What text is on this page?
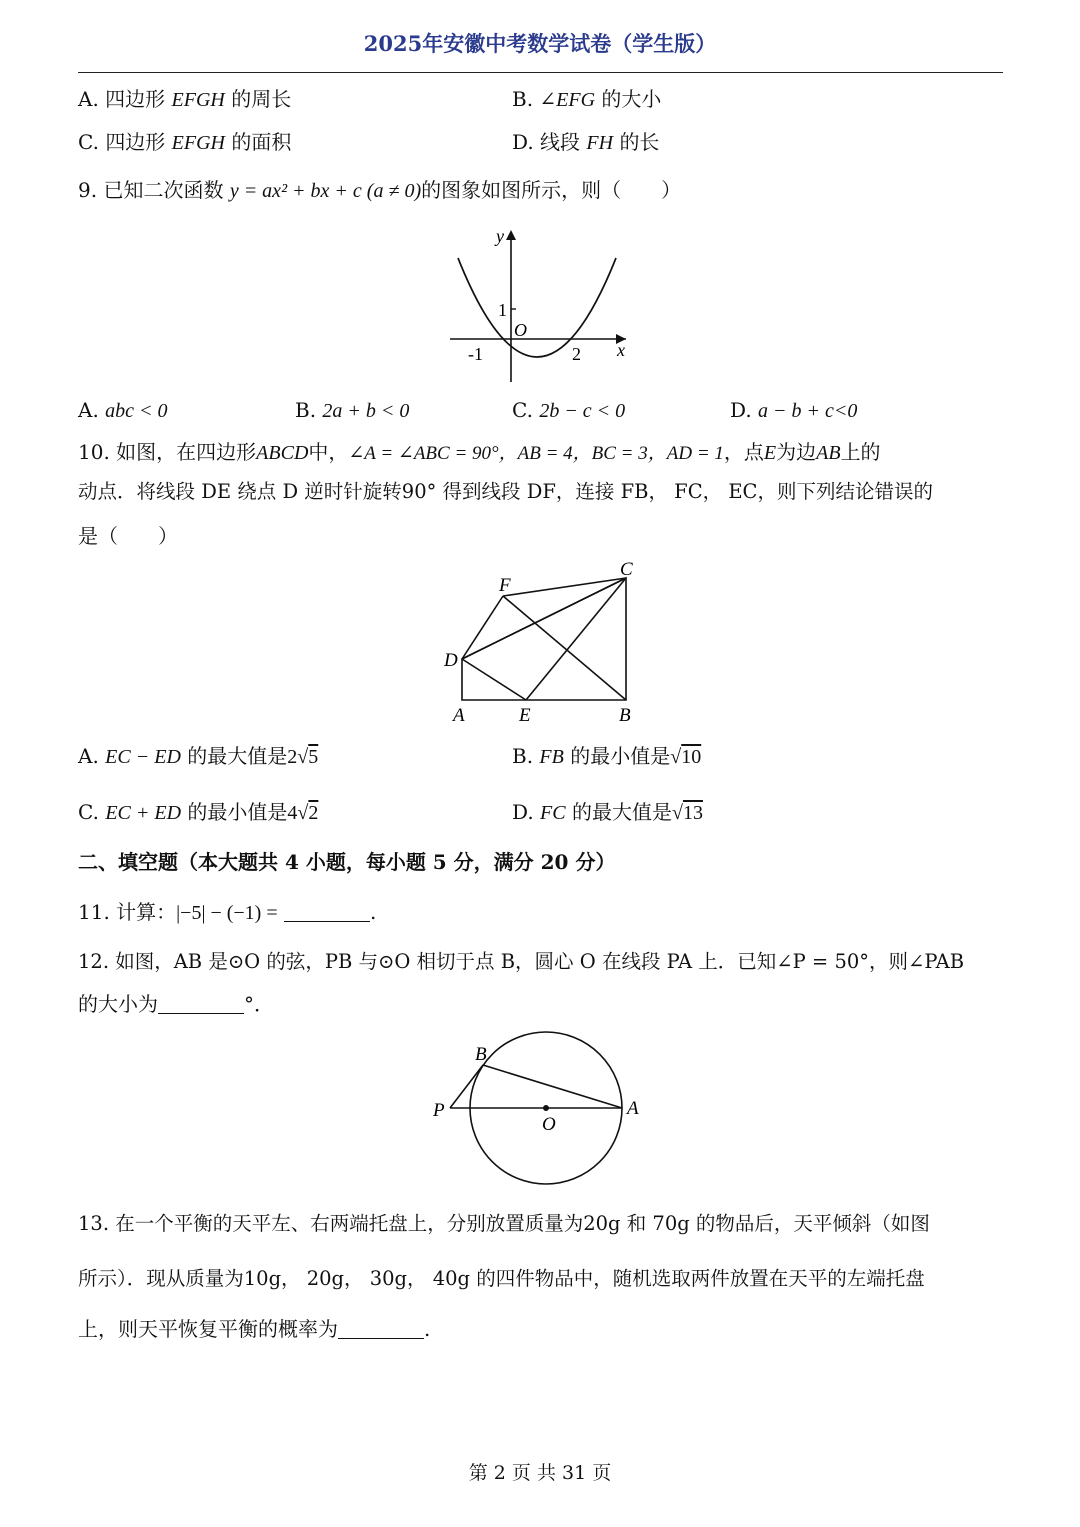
2025年安徽中考数学试卷（学生版）
A. 四边形 EFGH 的周长	B. ∠EFG 的大小
C. 四边形 EFGH 的面积	D. 线段 FH 的长
9. 已知二次函数 y = ax² + bx + c (a ≠ 0)的图象如图所示，则（　　）
1
O
-1	2 x
y
A. abc < 0	B. 2a + b < 0	C. 2b − c < 0	D. a − b + c<0
10. 如图，在四边形ABCD中，∠A = ∠ABC = 90°，AB = 4，BC = 3，AD = 1，点E为边AB上的
动点．将线段 DE 绕点 D 逆时针旋转90° 得到线段 DF，连接 FB， FC， EC，则下列结论错误的
是（　　）
A	E	B
D
F
C
A. EC − ED 的最大值是2√5	B. FB 的最小值是√10
C. EC + ED 的最小值是4√2	D. FC 的最大值是√13
二、填空题（本大题共 4 小题，每小题 5 分，满分 20 分）
11. 计算：|−5| − (−1) =	.
12. 如图，AB 是⊙O 的弦，PB 与⊙O 相切于点 B，圆心 O 在线段 PA 上．已知∠P = 50°，则∠PAB
的大小为	°．
P
B
A
O
13. 在一个平衡的天平左、右两端托盘上，分别放置质量为20g 和 70g 的物品后，天平倾斜（如图
所示）．现从质量为10g， 20g， 30g， 40g 的四件物品中，随机选取两件放置在天平的左端托盘
上，则天平恢复平衡的概率为	.
第 2 页 共 31 页
